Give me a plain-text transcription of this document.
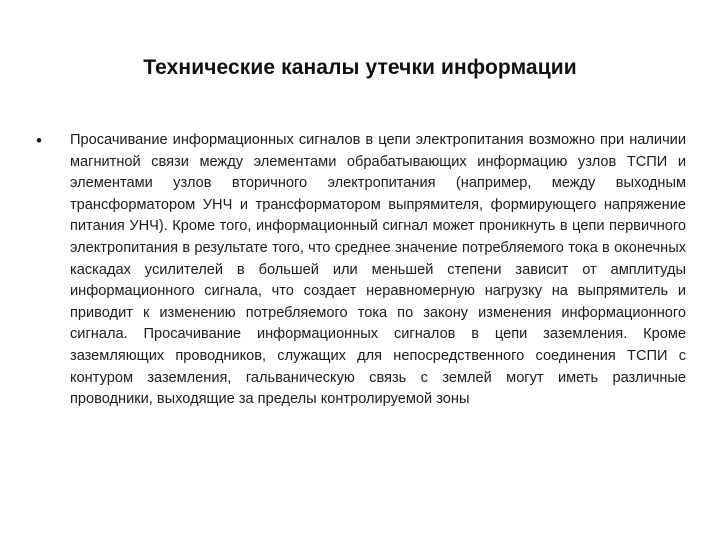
Технические каналы утечки информации
• Просачивание информационных сигналов в цепи электропитания возможно при наличии магнитной связи между элементами обрабатывающих информацию узлов ТСПИ и элементами узлов вторичного электропитания (например, между выходным трансформатором УНЧ и трансформатором выпрямителя, формирующего напряжение питания УНЧ). Кроме того, информационный сигнал может проникнуть в цепи первичного электропитания в результате того, что среднее значение потребляемого тока в оконечных каскадах усилителей в большей или меньшей степени зависит от амплитуды информационного сигнала, что создает неравномерную нагрузку на выпрямитель и приводит к изменению потребляемого тока по закону изменения информационного сигнала. Просачивание информационных сигналов в цепи заземления. Кроме заземляющих проводников, служащих для непосредственного соединения ТСПИ с контуром заземления, гальваническую связь с землей могут иметь различные проводники, выходящие за пределы контролируемой зоны
